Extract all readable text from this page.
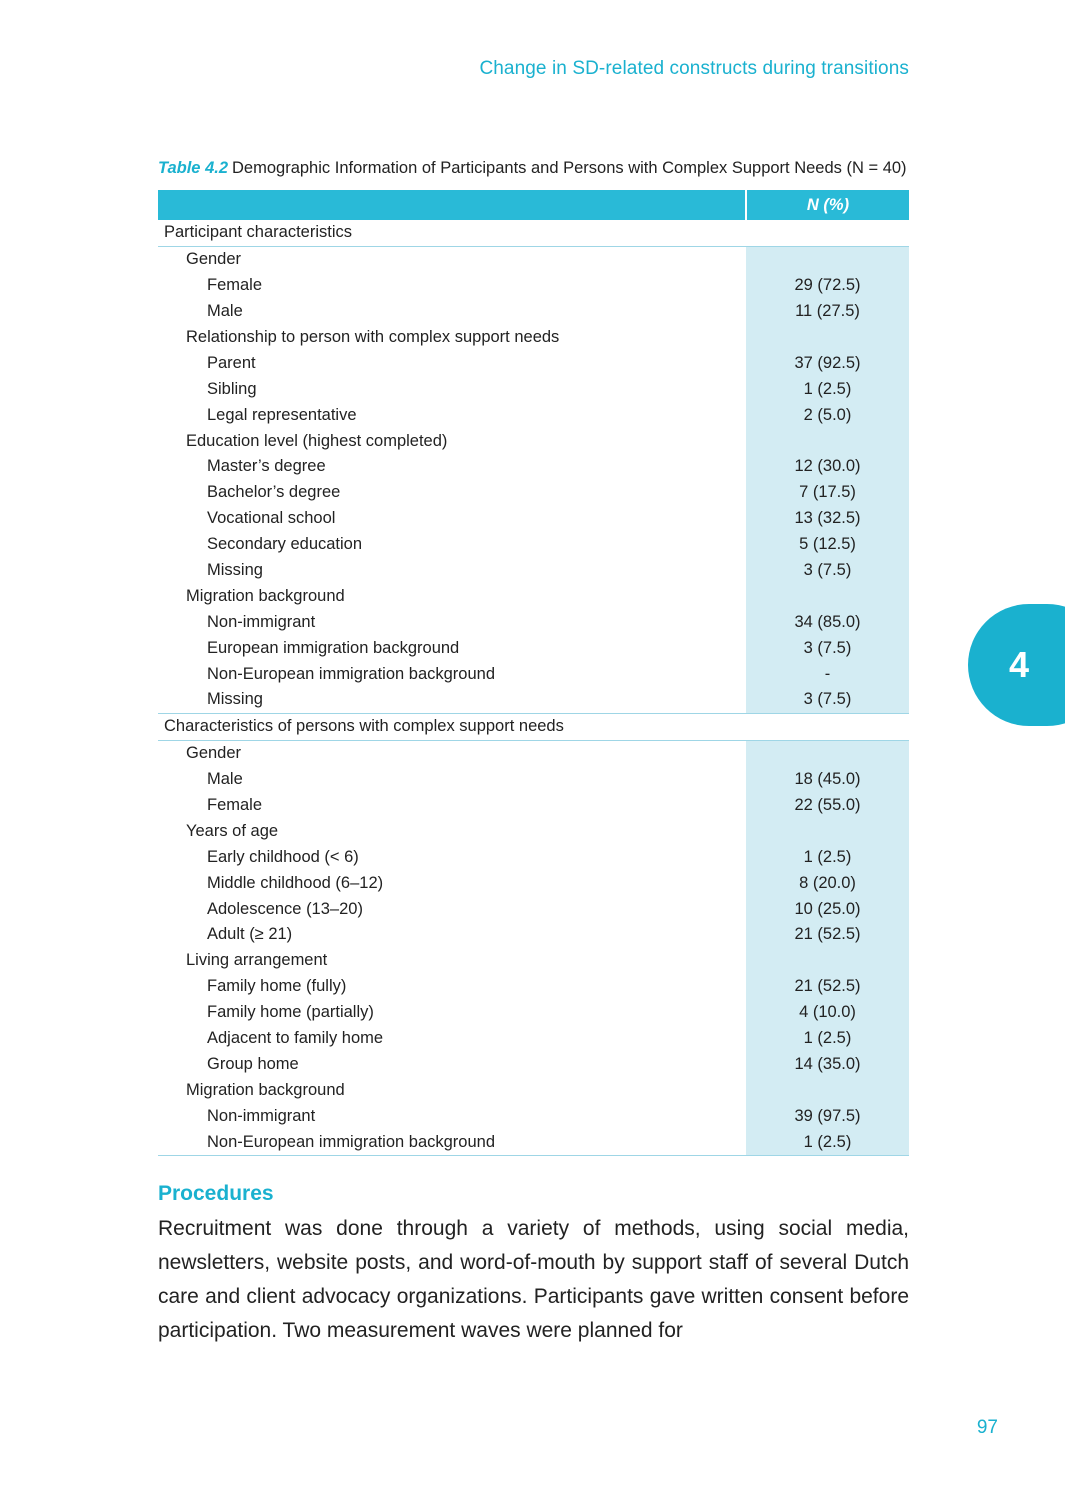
Change in SD-related constructs during transitions
Table 4.2 Demographic Information of Participants and Persons with Complex Support Needs (N = 40)
	N (%)
Participant characteristics	
Gender	
Female	29 (72.5)
Male	11 (27.5)
Relationship to person with complex support needs	
Parent	37 (92.5)
Sibling	1 (2.5)
Legal representative	2 (5.0)
Education level (highest completed)	
Master’s degree	12 (30.0)
Bachelor’s degree	7 (17.5)
Vocational school	13 (32.5)
Secondary education	5 (12.5)
Missing	3 (7.5)
Migration background	
Non-immigrant	34 (85.0)
European immigration background	3 (7.5)
Non-European immigration background	-
Missing	3 (7.5)
Characteristics of persons with complex support needs	
Gender	
Male	18 (45.0)
Female	22 (55.0)
Years of age	
Early childhood (< 6)	1 (2.5)
Middle childhood (6–12)	8 (20.0)
Adolescence (13–20)	10 (25.0)
Adult (≥ 21)	21 (52.5)
Living arrangement	
Family home (fully)	21 (52.5)
Family home (partially)	4 (10.0)
Adjacent to family home	1 (2.5)
Group home	14 (35.0)
Migration background	
Non-immigrant	39 (97.5)
Non-European immigration background	1 (2.5)
Procedures
Recruitment was done through a variety of methods, using social media, newsletters, website posts, and word-of-mouth by support staff of several Dutch care and client advocacy organizations. Participants gave written consent before participation. Two measurement waves were planned for
4
97
